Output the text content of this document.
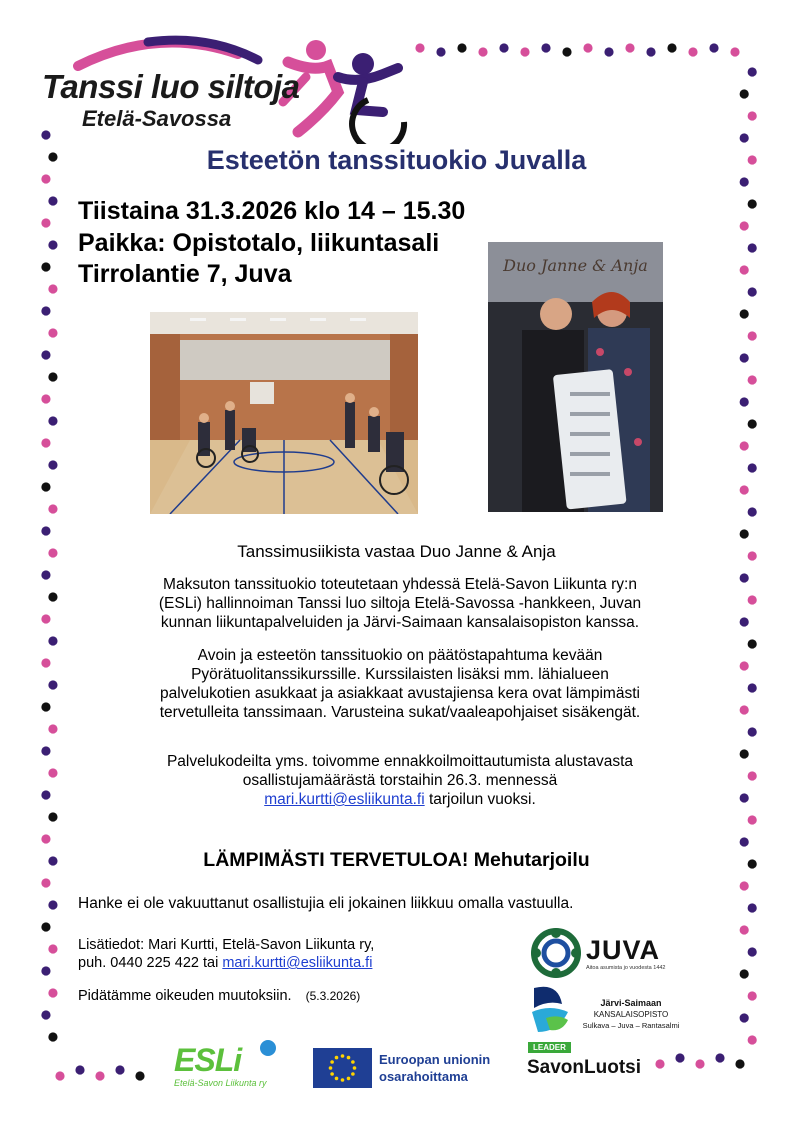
Tanssi luo siltoja
Etelä-Savossa
Esteetön tanssituokio Juvalla
Tiistaina 31.3.2026 klo 14 – 15.30
Paikka: Opistotalo, liikuntasali
Tirrolantie 7, Juva	Duo Janne & Anja
Tanssimusiikista vastaa Duo Janne & Anja
Maksuton tanssituokio toteutetaan yhdessä Etelä-Savon Liikunta ry:n
(ESLi) hallinnoiman Tanssi luo siltoja Etelä-Savossa -hankkeen, Juvan
kunnan liikuntapalveluiden ja Järvi-Saimaan kansalaisopiston kanssa.
Avoin ja esteetön tanssituokio on päätöstapahtuma kevään
Pyörätuolitanssikurssille. Kurssilaisten lisäksi mm. lähialueen
palvelukotien asukkaat ja asiakkaat avustajiensa kera ovat lämpimästi
tervetulleita tanssimaan. Varusteina sukat/vaaleapohjaiset sisäkengät.
Palvelukodeilta yms. toivomme ennakkoilmoittautumista alustavasta
osallistujamäärästä torstaihin 26.3. mennessä
mari.kurtti@esliikunta.fi tarjoilun vuoksi.
LÄMPIMÄSTI TERVETULOA! Mehutarjoilu
Hanke ei ole vakuuttanut osallistujia eli jokainen liikkuu omalla vastuulla.
Lisätiedot: Mari Kurtti, Etelä-Savon Liikunta ry,
puh. 0440 225 422 tai mari.kurtti@esliikunta.fi
Pidätämme oikeuden muutoksiin. (5.3.2026)
JUVA
Aitoa asumista jo vuodesta 1442
Järvi-Saimaan
KANSALAISOPISTO
Sulkava – Juva – Rantasalmi
LEADER
SavonLuotsi
ESLi
Etelä-Savon Liikunta ry
Euroopan unionin
osarahoittama
